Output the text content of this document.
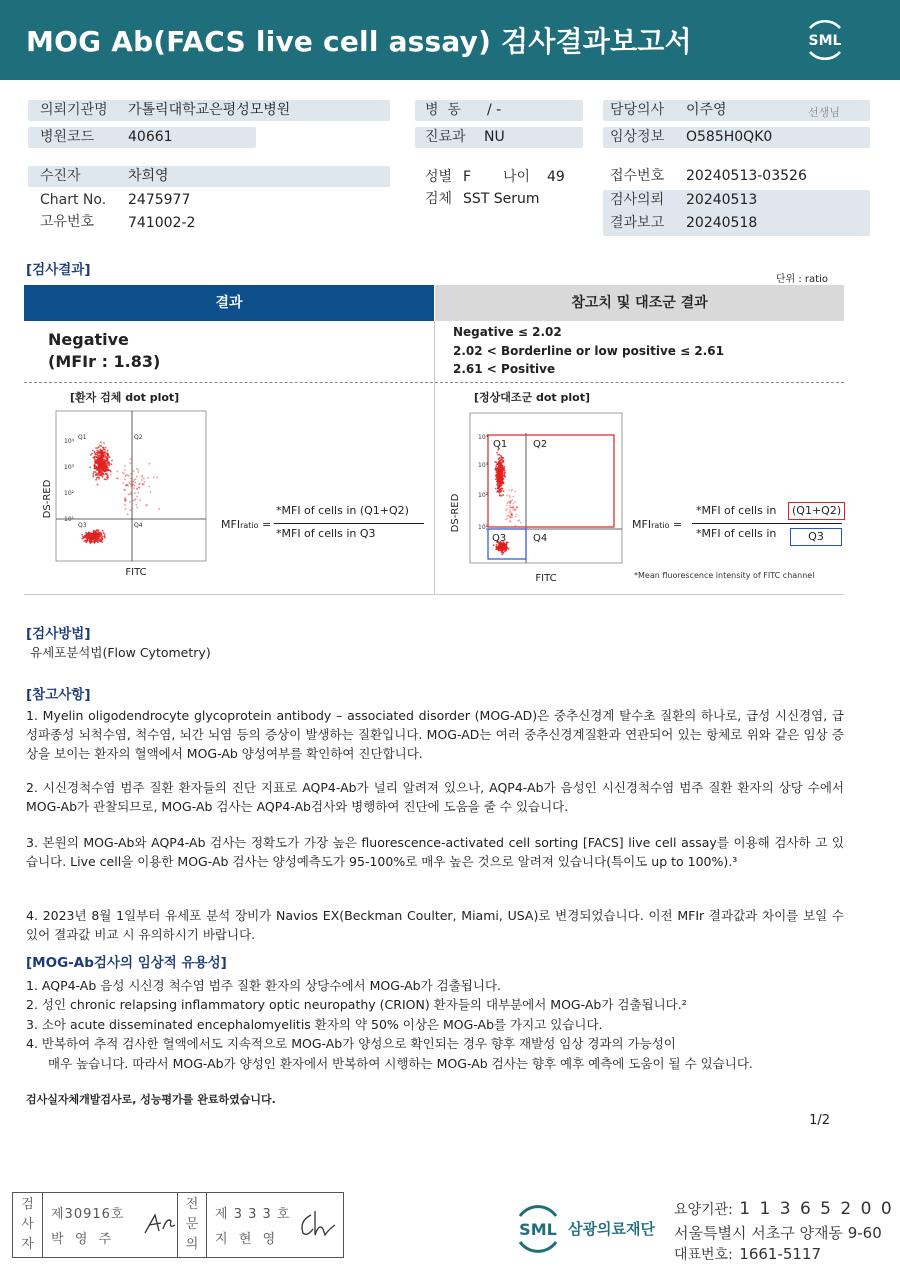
MOG Ab(FACS live cell assay) 검사결과보고서	SML
의뢰기관명 가톨릭대학교은평성모병원
병원코드 40661
수진자	차희영
Chart No. 2475977
고유번호 741002-2
병  동 / -
진료과 NU
성별 F 나이 49
검체 SST Serum
담당의사 이주영	선생님
임상정보 O585H0QK0
접수번호 20240513-03526
검사의뢰 20240513
결과보고 20240518
[검사결과]
단위 : ratio
결과	참고치 및 대조군 결과
Negative
(MFIr : 1.83)
Negative ≤ 2.02
2.02 < Borderline or low positive ≤ 2.61
2.61 < Positive
[환자 검체 dot plot]
10⁴
10³
10²
10¹
Q1	Q2
Q3	Q4
DS-RED
FITC
MFIratio =
*MFI of cells in (Q1+Q2)
*MFI of cells in Q3
[정상대조군 dot plot]
10⁴
10³
10²
10¹
Q1	Q2
Q3	Q4
DS-RED
FITC
MFIratio =
*MFI of cells in	(Q1+Q2)
*MFI of cells in	Q3
*Mean fluorescence intensity of FITC channel
[검사방법]
유세포분석법(Flow Cytometry)
[참고사항]
1. Myelin oligodendrocyte glycoprotein antibody – associated disorder (MOG-AD)은 중추신경계 탈수초 질환의 하나로, 급성 시신경염, 급성파종성 뇌척수염, 척수염, 뇌간 뇌염 등의 증상이 발생하는 질환입니다. MOG-AD는 여러 중추신경계질환과 연관되어 있는 항체로 위와 같은 임상 증상을 보이는 환자의 혈액에서 MOG-Ab 양성여부를 확인하여 진단합니다.
2. 시신경척수염 범주 질환 환자들의 진단 지표로 AQP4-Ab가 널리 알려져 있으나, AQP4-Ab가 음성인 시신경척수염 범주 질환 환자의 상당 수에서 MOG-Ab가 관찰되므로, MOG-Ab 검사는 AQP4-Ab검사와 병행하여 진단에 도움을 줄 수 있습니다.
3. 본원의 MOG-Ab와 AQP4-Ab 검사는 정확도가 가장 높은 fluorescence-activated cell sorting [FACS] live cell assay를 이용해 검사하 고 있습니다. Live cell을 이용한 MOG-Ab 검사는 양성예측도가 95-100%로 매우 높은 것으로 알려져 있습니다(특이도 up to 100%).³
4. 2023년 8월 1일부터 유세포 분석 장비가 Navios EX(Beckman Coulter, Miami, USA)로 변경되었습니다. 이전 MFIr 결과값과 차이를 보일 수 있어 결과값 비교 시 유의하시기 바랍니다.
[MOG-Ab검사의 임상적 유용성]
1. AQP4-Ab 음성 시신경 척수염 범주 질환 환자의 상당수에서 MOG-Ab가 검출됩니다.
2. 성인 chronic relapsing inflammatory optic neuropathy (CRION) 환자들의 대부분에서 MOG-Ab가 검출됩니다.²
3. 소아 acute disseminated encephalomyelitis 환자의 약 50% 이상은 MOG-Ab를 가지고 있습니다.
4. 반복하여 추적 검사한 혈액에서도 지속적으로 MOG-Ab가 양성으로 확인되는 경우 향후 재발성 임상 경과의 가능성이
매우 높습니다. 따라서 MOG-Ab가 양성인 환자에서 반복하여 시행하는 MOG-Ab 검사는 향후 예후 예측에 도움이 될 수 있습니다.
검사실자체개발검사로, 성능평가를 완료하였습니다.
1/2
검사자
제30916호
박  영  주
전문의
제 3 3 3 호
지  현  영
SML 삼광의료재단
요양기관: 1 1 3 6 5 2 0 0
서울특별시 서초구 양재동 9-60
대표번호: 1661-5117
